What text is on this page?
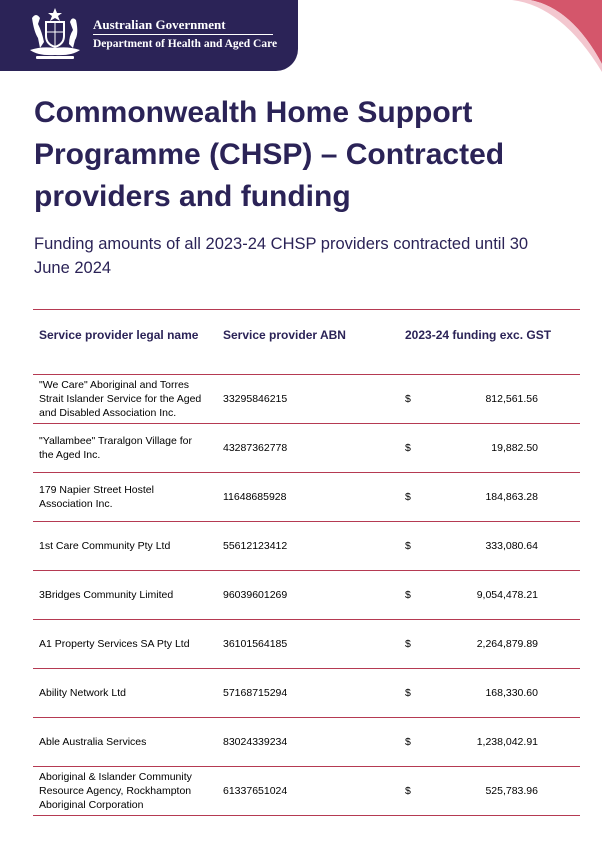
Australian Government
Department of Health and Aged Care
Commonwealth Home Support Programme (CHSP) – Contracted providers and funding

Funding amounts of all 2023-24 CHSP providers contracted until 30 June 2024

Service provider legal name	Service provider ABN	2023-24 funding exc. GST	
"We Care" Aboriginal and Torres Strait Islander Service for the Aged and Disabled Association Inc.	33295846215	$	812,561.56
"Yallambee" Traralgon Village for the Aged Inc.	43287362778	$	19,882.50
179 Napier Street Hostel Association Inc.	11648685928	$	184,863.28
1st Care Community Pty Ltd	55612123412	$	333,080.64
3Bridges Community Limited	96039601269	$	9,054,478.21
A1 Property Services SA Pty Ltd	36101564185	$	2,264,879.89
Ability Network Ltd	57168715294	$	168,330.60
Able Australia Services	83024339234	$	1,238,042.91
Aboriginal & Islander Community Resource Agency, Rockhampton Aboriginal Corporation	61337651024	$	525,783.96
